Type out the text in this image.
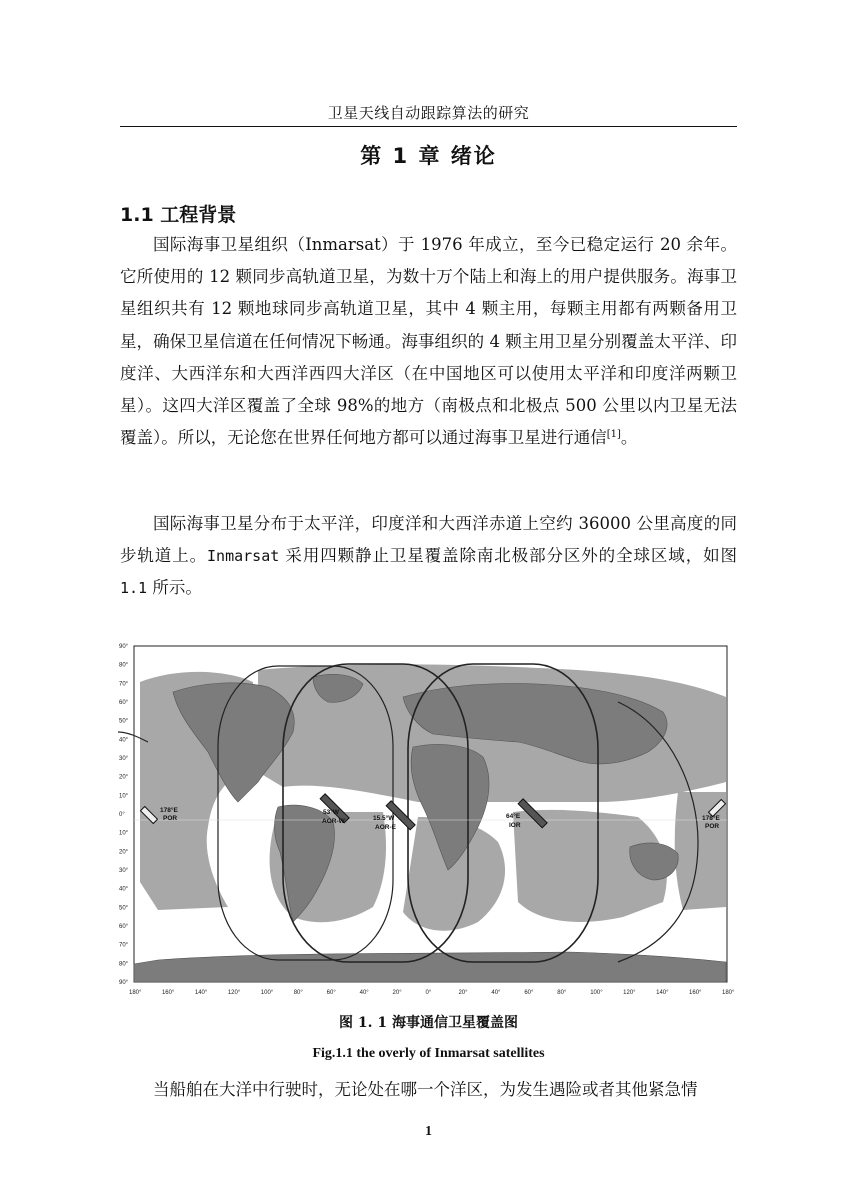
卫星天线自动跟踪算法的研究
第 1 章 绪论
1.1 工程背景

国际海事卫星组织（Inmarsat）于 1976 年成立，至今已稳定运行 20 余年。它所使用的 12 颗同步高轨道卫星，为数十万个陆上和海上的用户提供服务。海事卫星组织共有 12 颗地球同步高轨道卫星，其中 4 颗主用，每颗主用都有两颗备用卫星，确保卫星信道在任何情况下畅通。海事组织的 4 颗主用卫星分别覆盖太平洋、印度洋、大西洋东和大西洋西四大洋区（在中国地区可以使用太平洋和印度洋两颗卫星）。这四大洋区覆盖了全球 98%的地方（南极点和北极点 500 公里以内卫星无法覆盖）。所以，无论您在世界任何地方都可以通过海事卫星进行通信[1]。

国际海事卫星分布于太平洋，印度洋和大西洋赤道上空约 36000 公里高度的同步轨道上。Inmarsat 采用四颗静止卫星覆盖除南北极部分区外的全球区域，如图 1.1 所示。

90°
80°
70°
60°
50°
40°
30°
20°
10°
0°
10°
20°
30°
40°
50°
60°
70°
80°
90°
180°	160°	140°	120°	100°	80°	60°	40°	20°	0°	20°	40°	60°	80°	100°	120°	140°	160°	180°
178°E
POR
53°W
AOR-W	15.5°W
AOR-E
64°E
IOR
178°E
POR
图 1. 1 海事通信卫星覆盖图
Fig.1.1 the overly of Inmarsat satellites

当船舶在大洋中行驶时，无论处在哪一个洋区，为发生遇险或者其他紧急情

1
